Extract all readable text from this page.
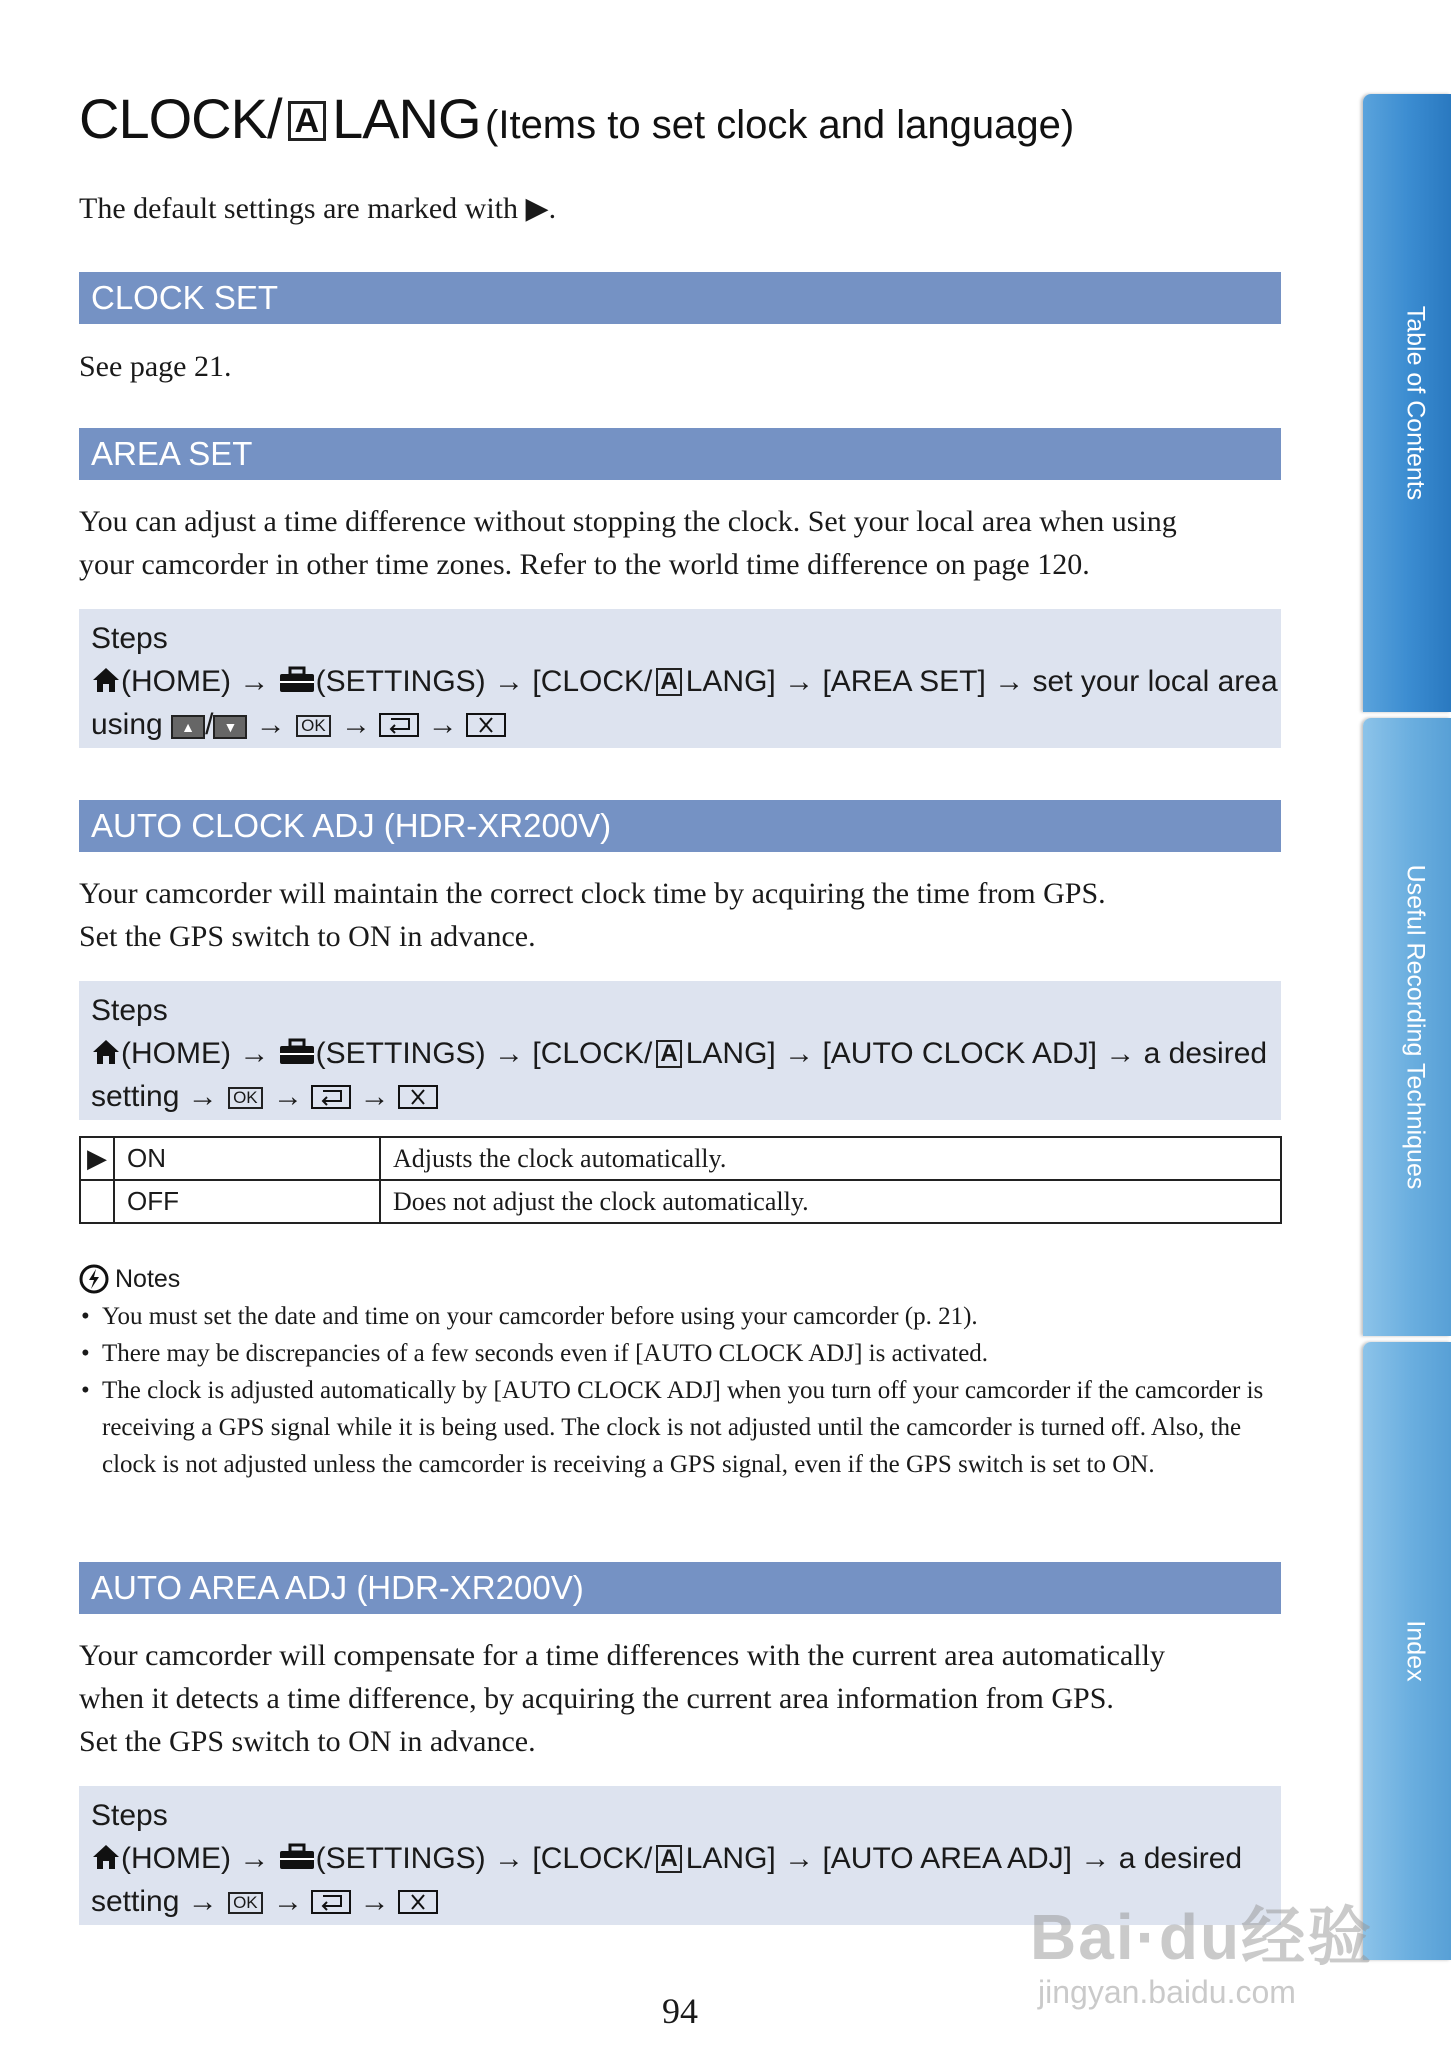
CLOCK/ A LANG (Items to set clock and language)
The default settings are marked with ▶.
CLOCK SET
See page 21.
AREA SET
You can adjust a time difference without stopping the clock. Set your local area when using
your camcorder in other time zones. Refer to the world time difference on page 120.
Steps
(HOME) → (SETTINGS) → [CLOCK/ A LANG] → [AREA SET] → set your local area
using ▲ / ▼ → OK → →
AUTO CLOCK ADJ (HDR-XR200V)
Your camcorder will maintain the correct clock time by acquiring the time from GPS.
Set the GPS switch to ON in advance.
Steps
(HOME) → (SETTINGS) → [CLOCK/ A LANG] → [AUTO CLOCK ADJ] → a desired
setting → OK → →
▶	ON	Adjusts the clock automatically.
	OFF	Does not adjust the clock automatically.
Notes
• You must set the date and time on your camcorder before using your camcorder (p. 21).
• There may be discrepancies of a few seconds even if [AUTO CLOCK ADJ] is activated.
• The clock is adjusted automatically by [AUTO CLOCK ADJ] when you turn off your camcorder if the camcorder is receiving a GPS signal while it is being used. The clock is not adjusted until the camcorder is turned off. Also, the clock is not adjusted unless the camcorder is receiving a GPS signal, even if the GPS switch is set to ON.
AUTO AREA ADJ (HDR-XR200V)
Your camcorder will compensate for a time differences with the current area automatically
when it detects a time difference, by acquiring the current area information from GPS.
Set the GPS switch to ON in advance.
Steps
(HOME) → (SETTINGS) → [CLOCK/ A LANG] → [AUTO AREA ADJ] → a desired
setting → OK → →
Table of Contents
Useful Recording Techniques
Index
94
Bai·du经验
jingyan.baidu.com
